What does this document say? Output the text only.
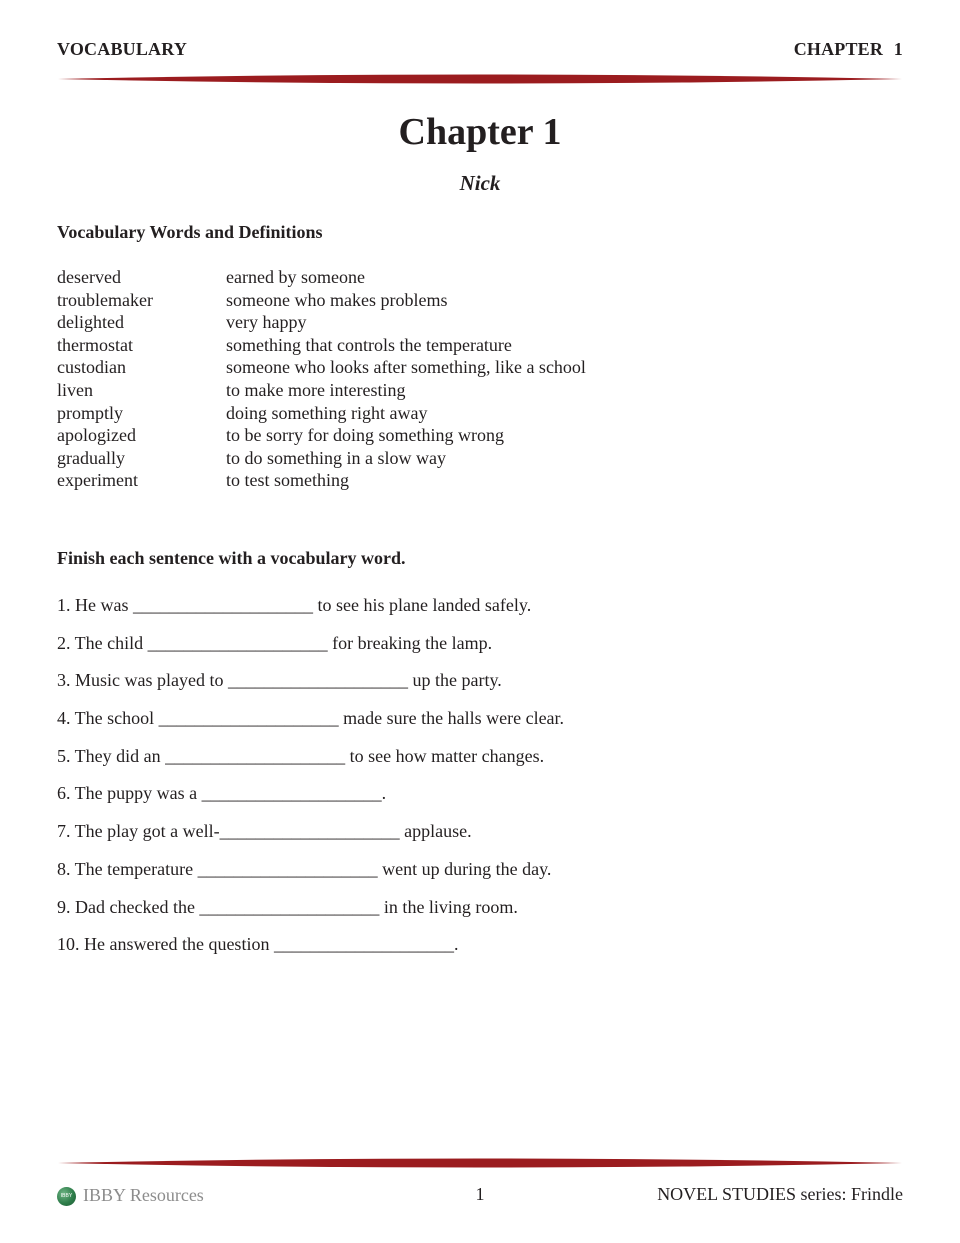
VOCABULARY	CHAPTER 1
Chapter 1
Nick
Vocabulary Words and Definitions
deserved	earned by someone
troublemaker	someone who makes problems
delighted	very happy
thermostat	something that controls the temperature
custodian	someone who looks after something, like a school
liven	to make more interesting
promptly	doing something right away
apologized	to be sorry for doing something wrong
gradually	to do something in a slow way
experiment	to test something
Finish each sentence with a vocabulary word.
1. He was ____________________ to see his plane landed safely.
2. The child ____________________ for breaking the lamp.
3. Music was played to ____________________ up the party.
4. The school ____________________ made sure the halls were clear.
5. They did an ____________________ to see how matter changes.
6. The puppy was a ____________________.
7. The play got a well-____________________ applause.
8. The temperature ____________________ went up during the day.
9. Dad checked the ____________________ in the living room.
10. He answered the question ____________________.
IBBY IBBY Resources	1	NOVEL STUDIES series: Frindle
